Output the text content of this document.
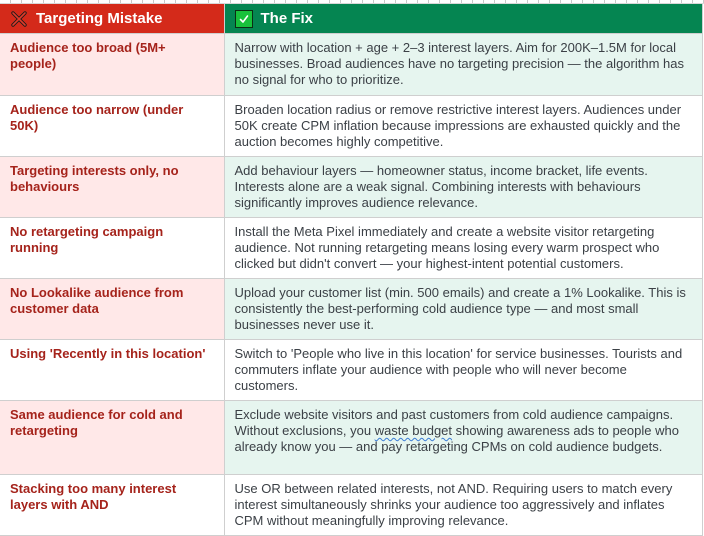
Targeting Mistake	The Fix

Audience too broad (5M+ people)	Narrow with location + age + 2–3 interest layers. Aim for 200K–1.5M for local businesses. Broad audiences have no targeting precision — the algorithm has no signal for who to prioritize.
Audience too narrow (under 50K)	Broaden location radius or remove restrictive interest layers. Audiences under 50K create CPM inflation because impressions are exhausted quickly and the auction becomes highly competitive.
Targeting interests only, no behaviours	Add behaviour layers — homeowner status, income bracket, life events. Interests alone are a weak signal. Combining interests with behaviours significantly improves audience relevance.
No retargeting campaign running	Install the Meta Pixel immediately and create a website visitor retargeting audience. Not running retargeting means losing every warm prospect who clicked but didn't convert — your highest-intent potential customers.
No Lookalike audience from customer data	Upload your customer list (min. 500 emails) and create a 1% Lookalike. This is consistently the best-performing cold audience type — and most small businesses never use it.
Using 'Recently in this location'	Switch to 'People who live in this location' for service businesses. Tourists and commuters inflate your audience with people who will never become customers.
Same audience for cold and retargeting	Exclude website visitors and past customers from cold audience campaigns. Without exclusions, you waste budget showing awareness ads to people who already know you — and pay retargeting CPMs on cold audience budgets.
Stacking too many interest layers with AND	Use OR between related interests, not AND. Requiring users to match every interest simultaneously shrinks your audience too aggressively and inflates CPM without meaningfully improving relevance.
